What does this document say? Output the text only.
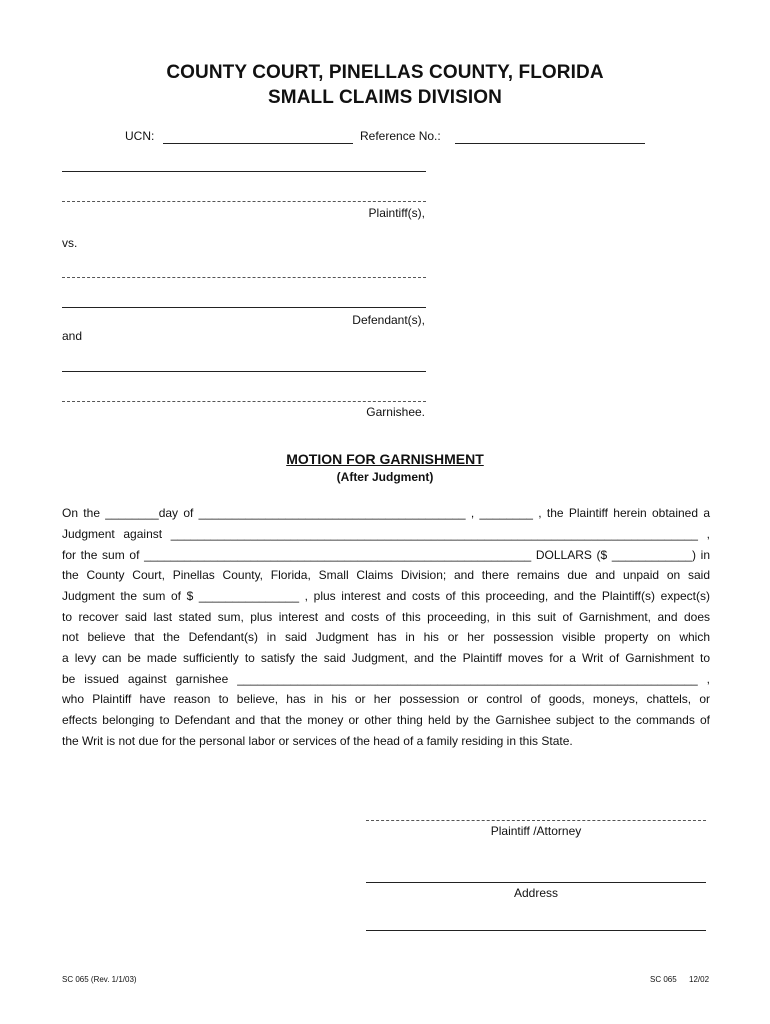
COUNTY COURT, PINELLAS COUNTY, FLORIDA
SMALL CLAIMS DIVISION
UCN:	Reference No.:
Plaintiff(s),
vs.
Defendant(s),
and
Garnishee.
MOTION FOR GARNISHMENT
(After Judgment)
On the ________day of ________________________________________ , ________ , the Plaintiff herein obtained a
Judgment against _______________________________________________________________________________ ,
for the sum of __________________________________________________________ DOLLARS ($ ____________) in
the County Court, Pinellas County, Florida, Small Claims Division; and there remains due and unpaid on said
Judgment the sum of $ _______________ , plus interest and costs of this proceeding, and the Plaintiff(s) expect(s)
to recover said last stated sum, plus interest and costs of this proceeding, in this suit of Garnishment, and does
not believe that the Defendant(s) in said Judgment has in his or her possession visible property on which
a levy can be made sufficiently to satisfy the said Judgment, and the Plaintiff moves for a Writ of Garnishment to
be issued against garnishee _____________________________________________________________________ ,
who Plaintiff have reason to believe, has in his or her possession or control of goods, moneys, chattels, or
effects belonging to Defendant and that the money or other thing held by the Garnishee subject to the commands of
the Writ is not due for the personal labor or services of the head of a family residing in this State.
Plaintiff /Attorney
Address
SC 065 (Rev. 1/1/03)	SC 065 12/02
